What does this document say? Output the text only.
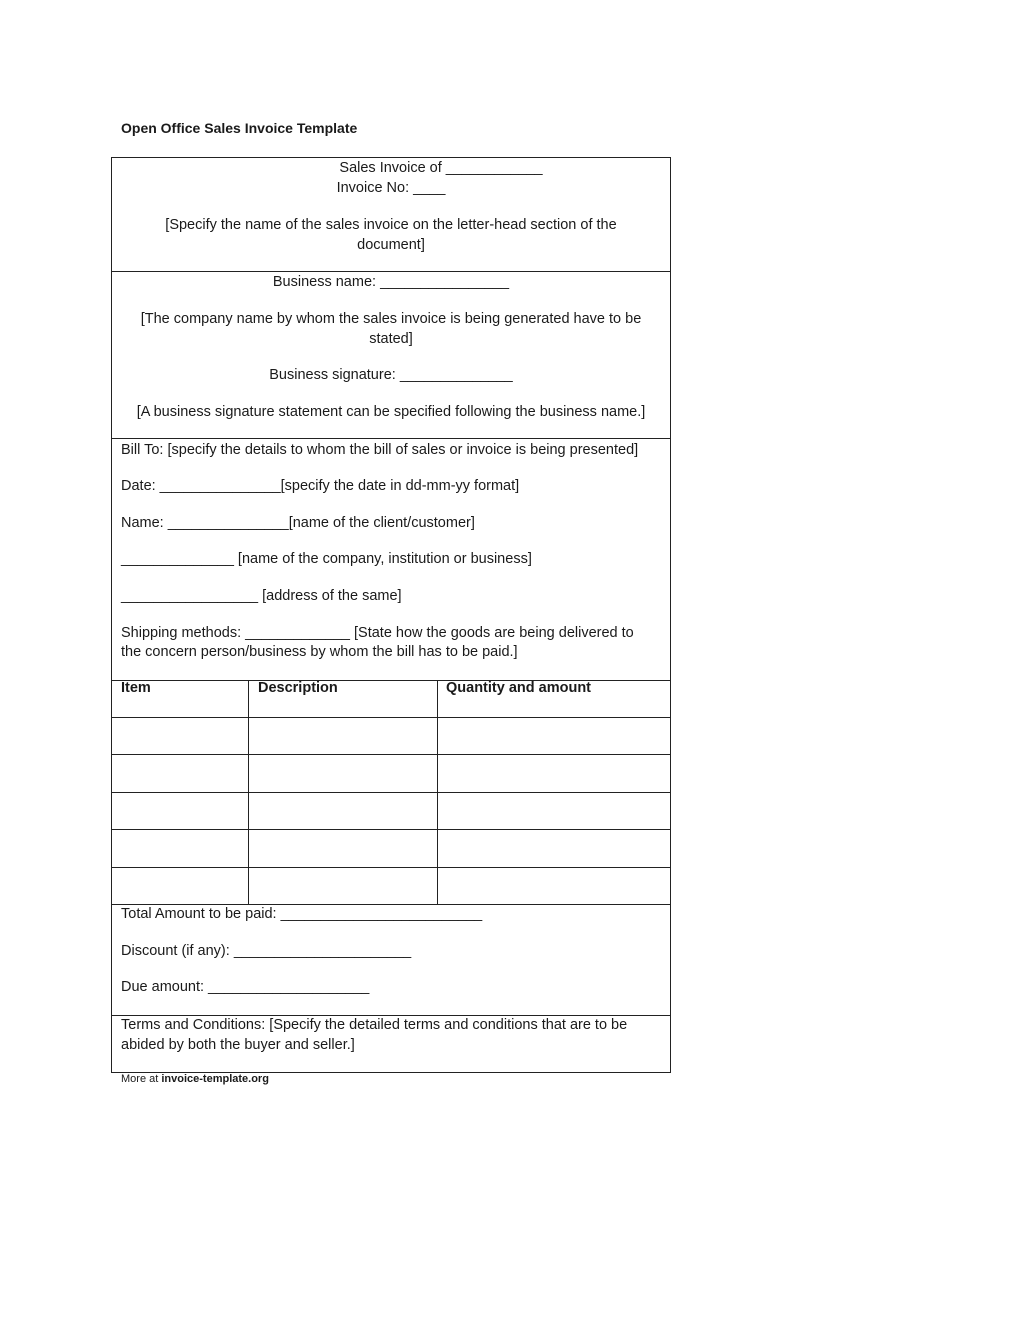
Open Office Sales Invoice Template
Sales Invoice of ____________
Invoice No: ____
[Specify the name of the sales invoice on the letter-head section of the
document]
Business name: ________________
[The company name by whom the sales invoice is being generated have to be
stated]
Business signature: ______________
[A business signature statement can be specified following the business name.]
Bill To: [specify the details to whom the bill of sales or invoice is being presented]
Date: _______________[specify the date in dd-mm-yy format]
Name: _______________[name of the client/customer]
______________ [name of the company, institution or business]
_________________ [address of the same]
Shipping methods: _____________ [State how the goods are being delivered to
the concern person/business by whom the bill has to be paid.]
Item	Description	Quantity and amount
Total Amount to be paid: _________________________
Discount (if any): ______________________
Due amount: ____________________
Terms and Conditions: [Specify the detailed terms and conditions that are to be
abided by both the buyer and seller.]
More at invoice-template.org
